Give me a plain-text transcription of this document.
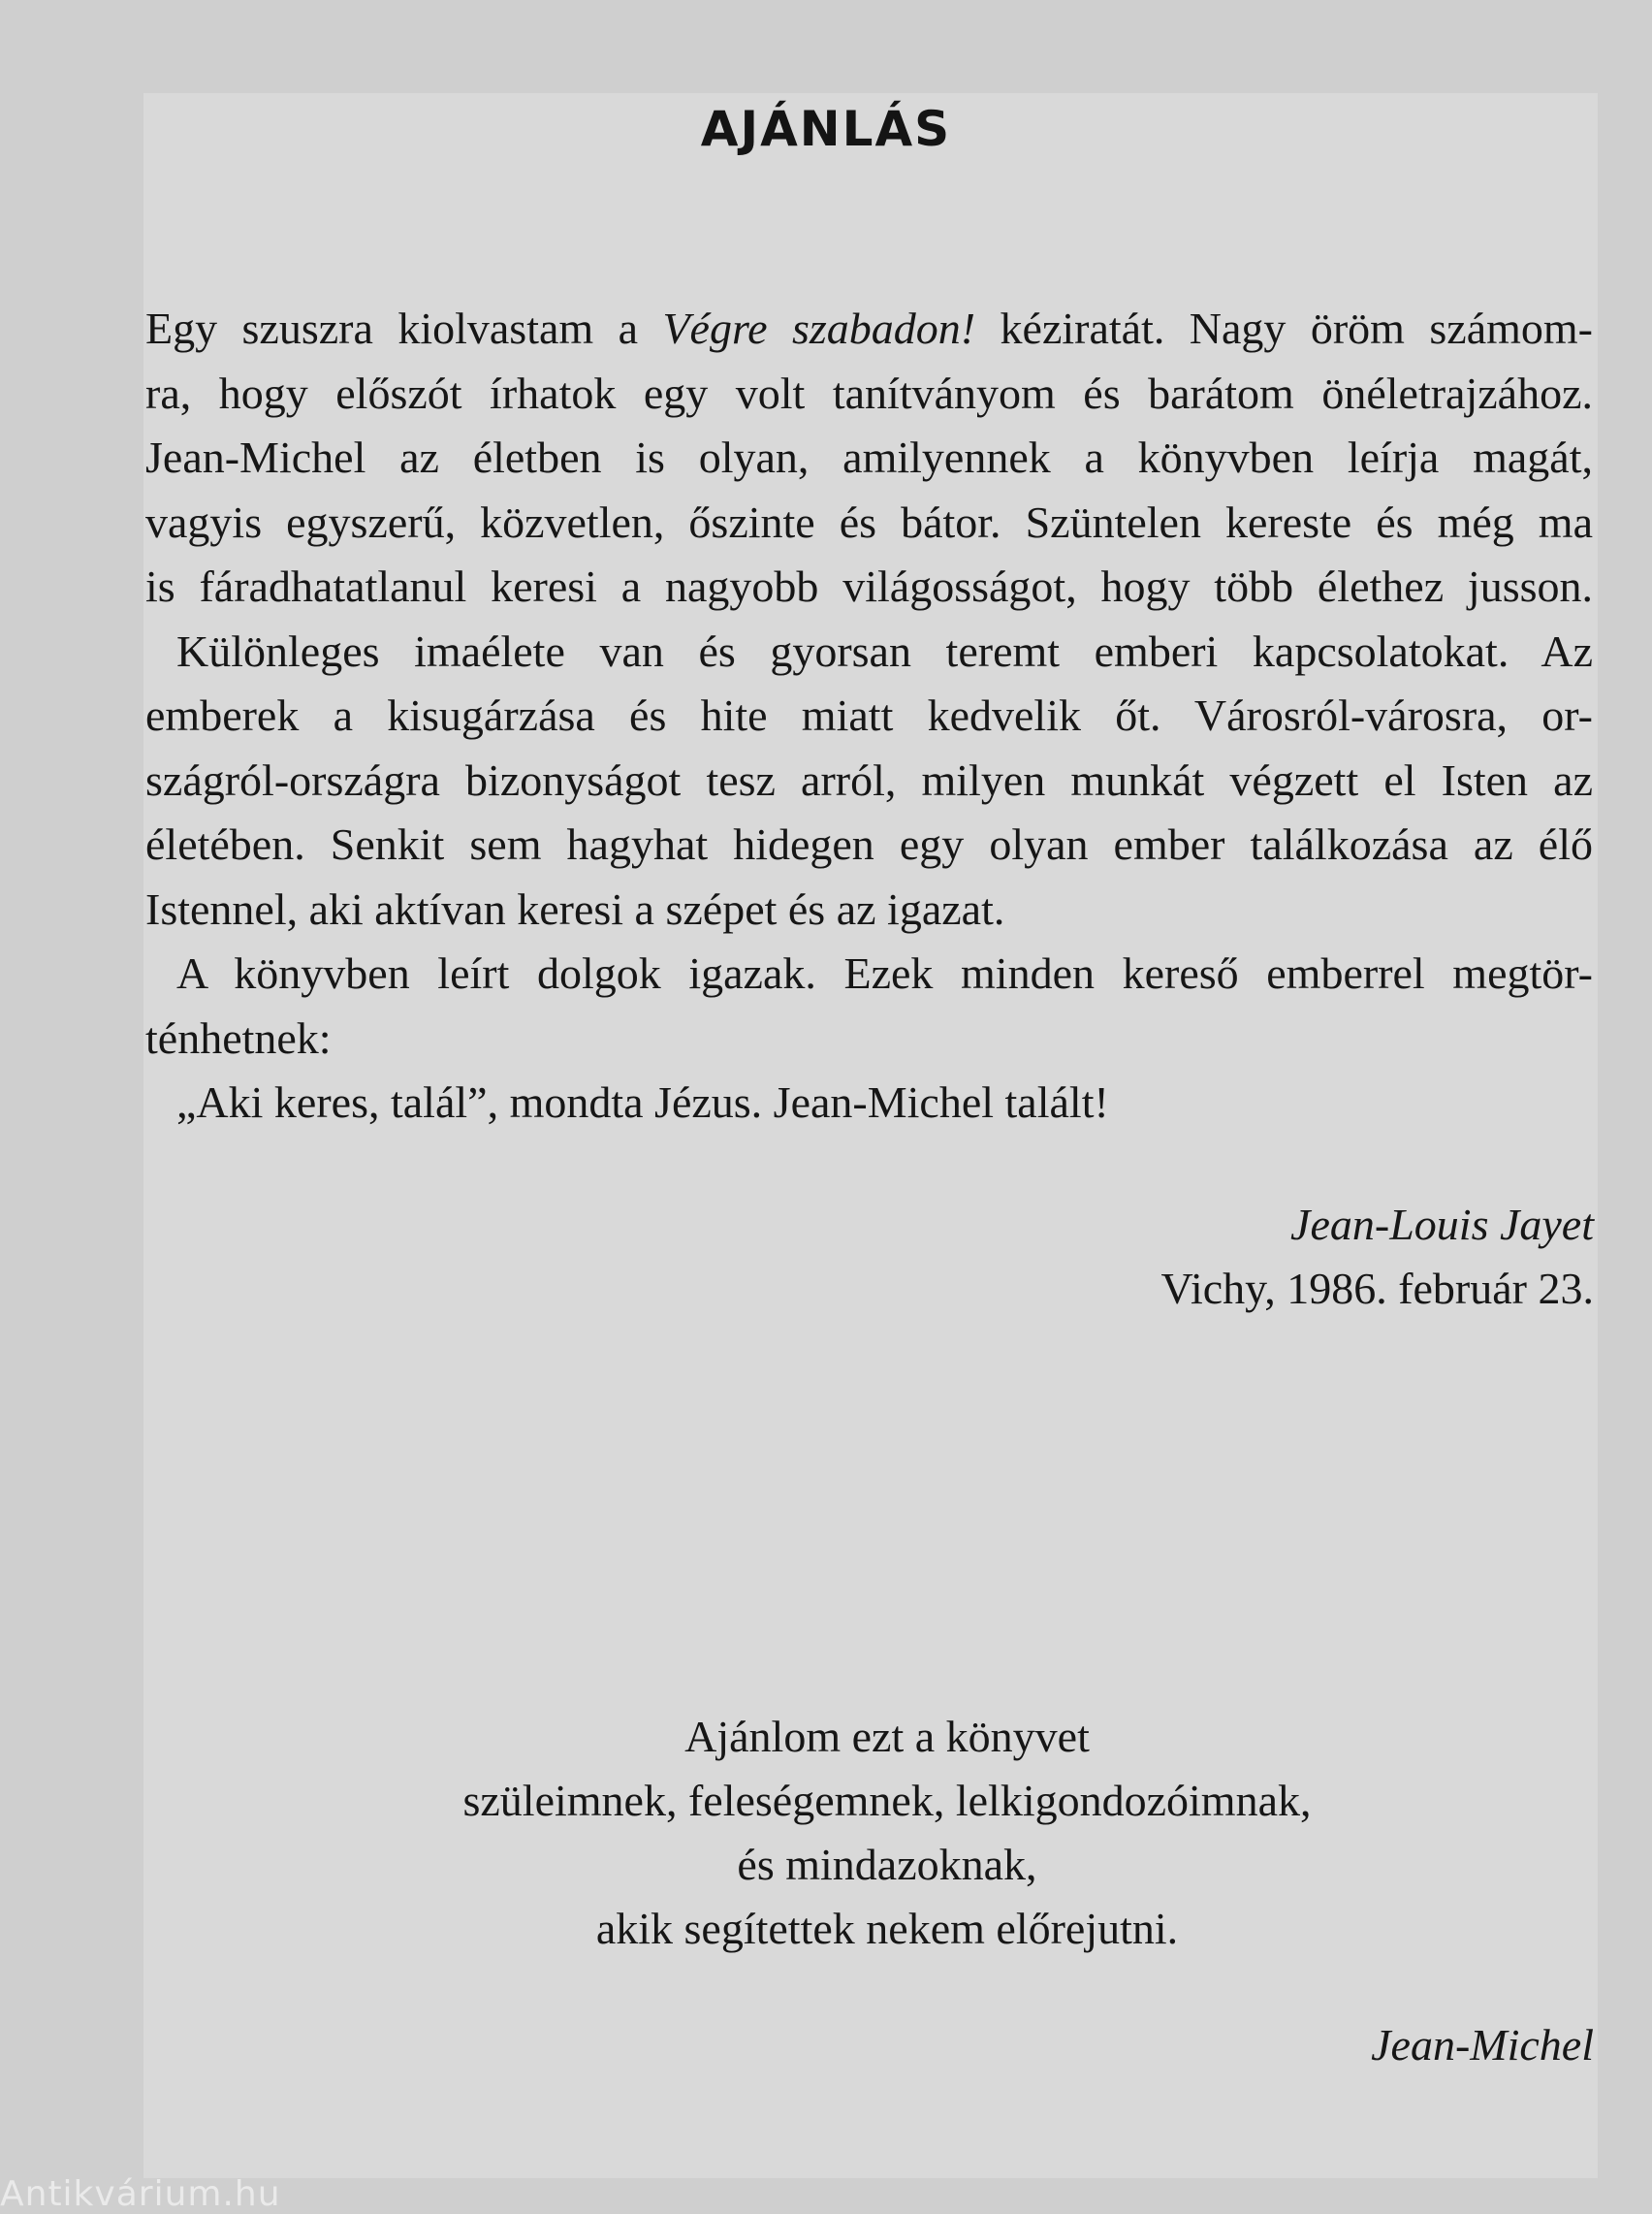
AJÁNLÁS

Egy szuszra kiolvastam a Végre szabadon! kéziratát. Nagy öröm számom-
ra, hogy előszót írhatok egy volt tanítványom és barátom önéletrajzához.
Jean-Michel az életben is olyan, amilyennek a könyvben leírja magát,
vagyis egyszerű, közvetlen, őszinte és bátor. Szüntelen kereste és még ma
is fáradhatatlanul keresi a nagyobb világosságot, hogy több élethez jusson.

Különleges imaélete van és gyorsan teremt emberi kapcsolatokat. Az
emberek a kisugárzása és hite miatt kedvelik őt. Városról-városra, or-
szágról-országra bizonyságot tesz arról, milyen munkát végzett el Isten az
életében. Senkit sem hagyhat hidegen egy olyan ember találkozása az élő
Istennel, aki aktívan keresi a szépet és az igazat.

A könyvben leírt dolgok igazak. Ezek minden kereső emberrel megtör-
ténhetnek:

„Aki keres, talál”, mondta Jézus. Jean-Michel talált!

Jean-Louis Jayet
Vichy, 1986. február 23.
Ajánlom ezt a könyvet
szüleimnek, feleségemnek, lelkigondozóimnak,
és mindazoknak,
akik segítettek nekem előrejutni.
Jean-Michel
Antikvárium.hu
